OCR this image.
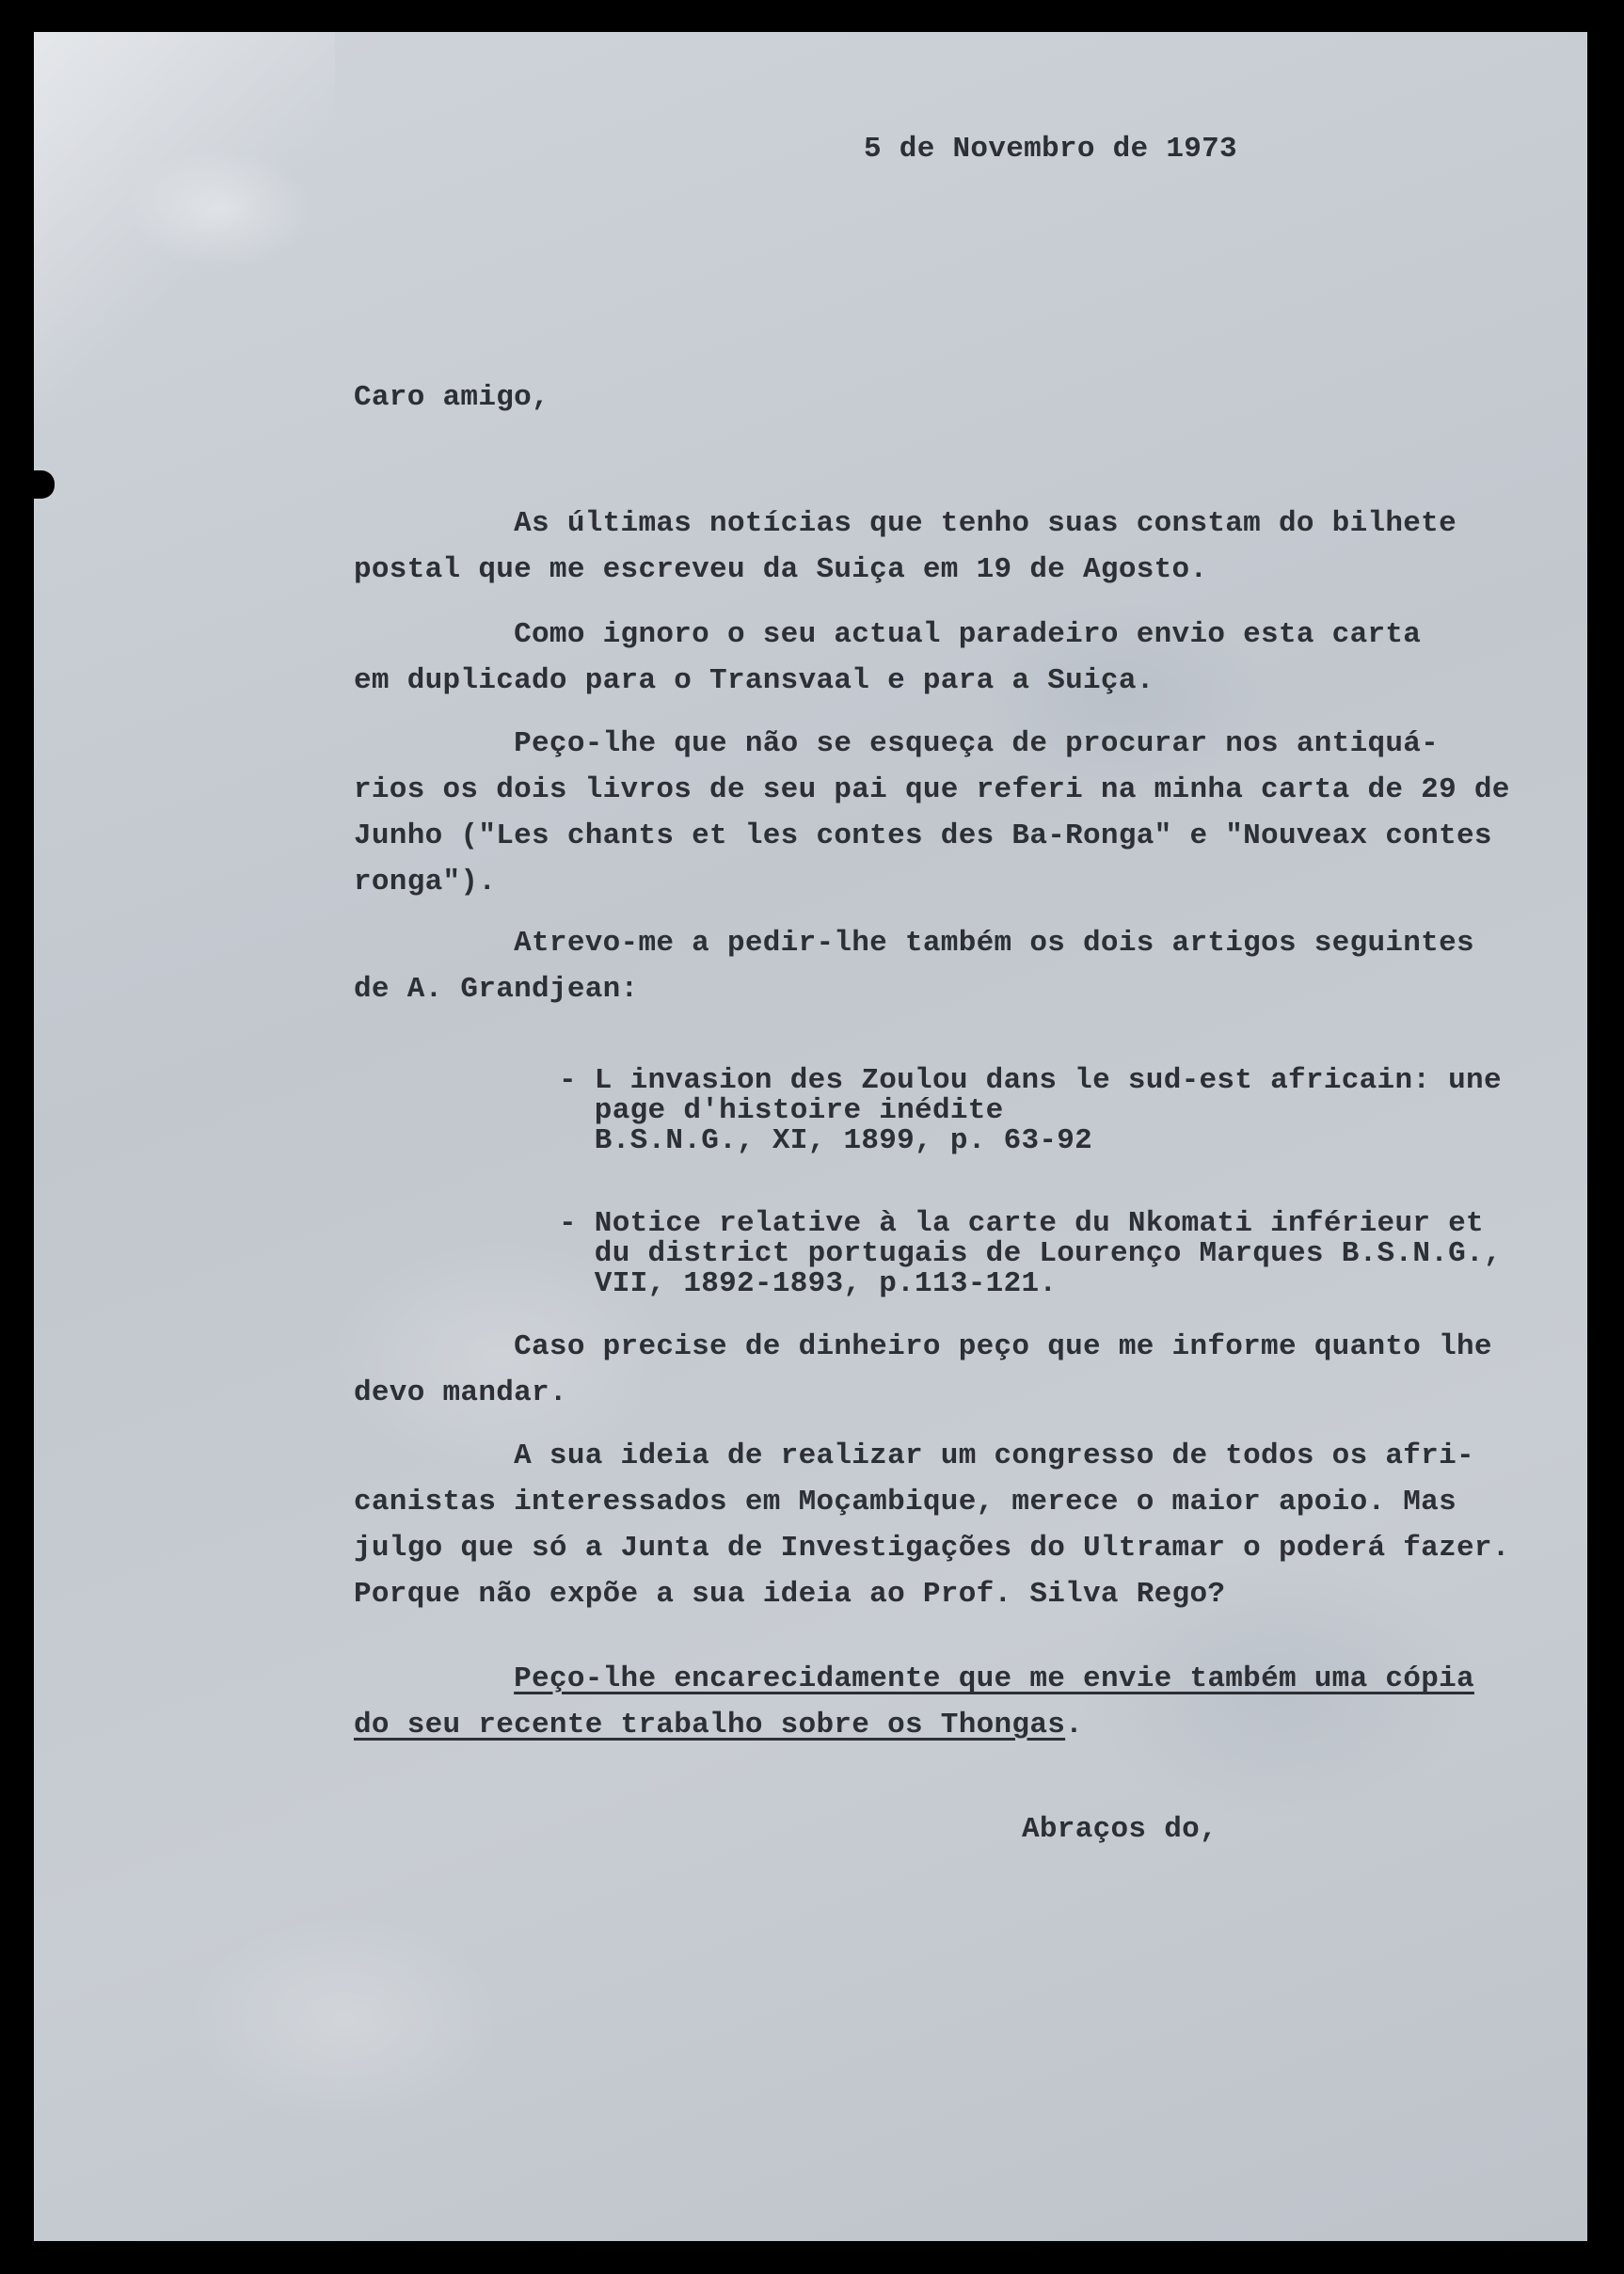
5 de Novembro de 1973
Caro amigo,
As últimas notícias que tenho suas constam do bilhete
postal que me escreveu da Suiça em 19 de Agosto.
Como ignoro o seu actual paradeiro envio esta carta
em duplicado para o Transvaal e para a Suiça.
Peço-lhe que não se esqueça de procurar nos antiquá-
rios os dois livros de seu pai que referi na minha carta de 29 de
Junho ("Les chants et les contes des Ba-Ronga" e "Nouveax contes
ronga").
Atrevo-me a pedir-lhe também os dois artigos seguintes
de A. Grandjean:
- L invasion des Zoulou dans le sud-est africain: une
page d'histoire inédite
B.S.N.G., XI, 1899, p. 63-92
- Notice relative à la carte du Nkomati inférieur et
du district portugais de Lourenço Marques B.S.N.G.,
VII, 1892-1893, p.113-121.
Caso precise de dinheiro peço que me informe quanto lhe
devo mandar.
A sua ideia de realizar um congresso de todos os afri-
canistas interessados em Moçambique, merece o maior apoio. Mas
julgo que só a Junta de Investigações do Ultramar o poderá fazer.
Porque não expõe a sua ideia ao Prof. Silva Rego?
Peço-lhe encarecidamente que me envie também uma cópia
do seu recente trabalho sobre os Thongas.
Abraços do,
